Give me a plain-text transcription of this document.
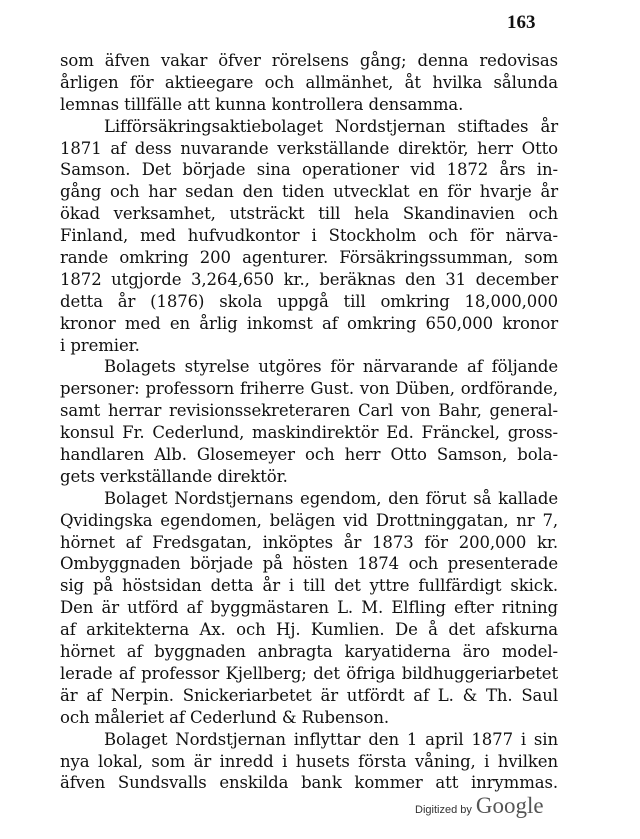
163
som äfven vakar öfver rörelsens gång; denna redovisas
årligen för aktieegare och allmänhet, åt hvilka sålunda
lemnas tillfälle att kunna kontrollera densamma.
Lifförsäkringsaktiebolaget Nordstjernan stiftades år
1871 af dess nuvarande verkställande direktör, herr Otto
Samson. Det började sina operationer vid 1872 års in-
gång och har sedan den tiden utvecklat en för hvarje år
ökad verksamhet, utsträckt till hela Skandinavien och
Finland, med hufvudkontor i Stockholm och för närva-
rande omkring 200 agenturer. Försäkringssumman, som
1872 utgjorde 3,264,650 kr., beräknas den 31 december
detta år (1876) skola uppgå till omkring 18,000,000
kronor med en årlig inkomst af omkring 650,000 kronor
i premier.
Bolagets styrelse utgöres för närvarande af följande
personer: professorn friherre Gust. von Düben, ordförande,
samt herrar revisionssekreteraren Carl von Bahr, general-
konsul Fr. Cederlund, maskindirektör Ed. Fränckel, gross-
handlaren Alb. Glosemeyer och herr Otto Samson, bola-
gets verkställande direktör.
Bolaget Nordstjernans egendom, den förut så kallade
Qvidingska egendomen, belägen vid Drottninggatan, nr 7,
hörnet af Fredsgatan, inköptes år 1873 för 200,000 kr.
Ombyggnaden började på hösten 1874 och presenterade
sig på höstsidan detta år i till det yttre fullfärdigt skick.
Den är utförd af byggmästaren L. M. Elfling efter ritning
af arkitekterna Ax. och Hj. Kumlien. De å det afskurna
hörnet af byggnaden anbragta karyatiderna äro model-
lerade af professor Kjellberg; det öfriga bildhuggeriarbetet
är af Nerpin. Snickeriarbetet är utfördt af L. & Th. Saul
och måleriet af Cederlund & Rubenson.
Bolaget Nordstjernan inflyttar den 1 april 1877 i sin
nya lokal, som är inredd i husets första våning, i hvilken
äfven Sundsvalls enskilda bank kommer att inrymmas.
Digitized by Google
